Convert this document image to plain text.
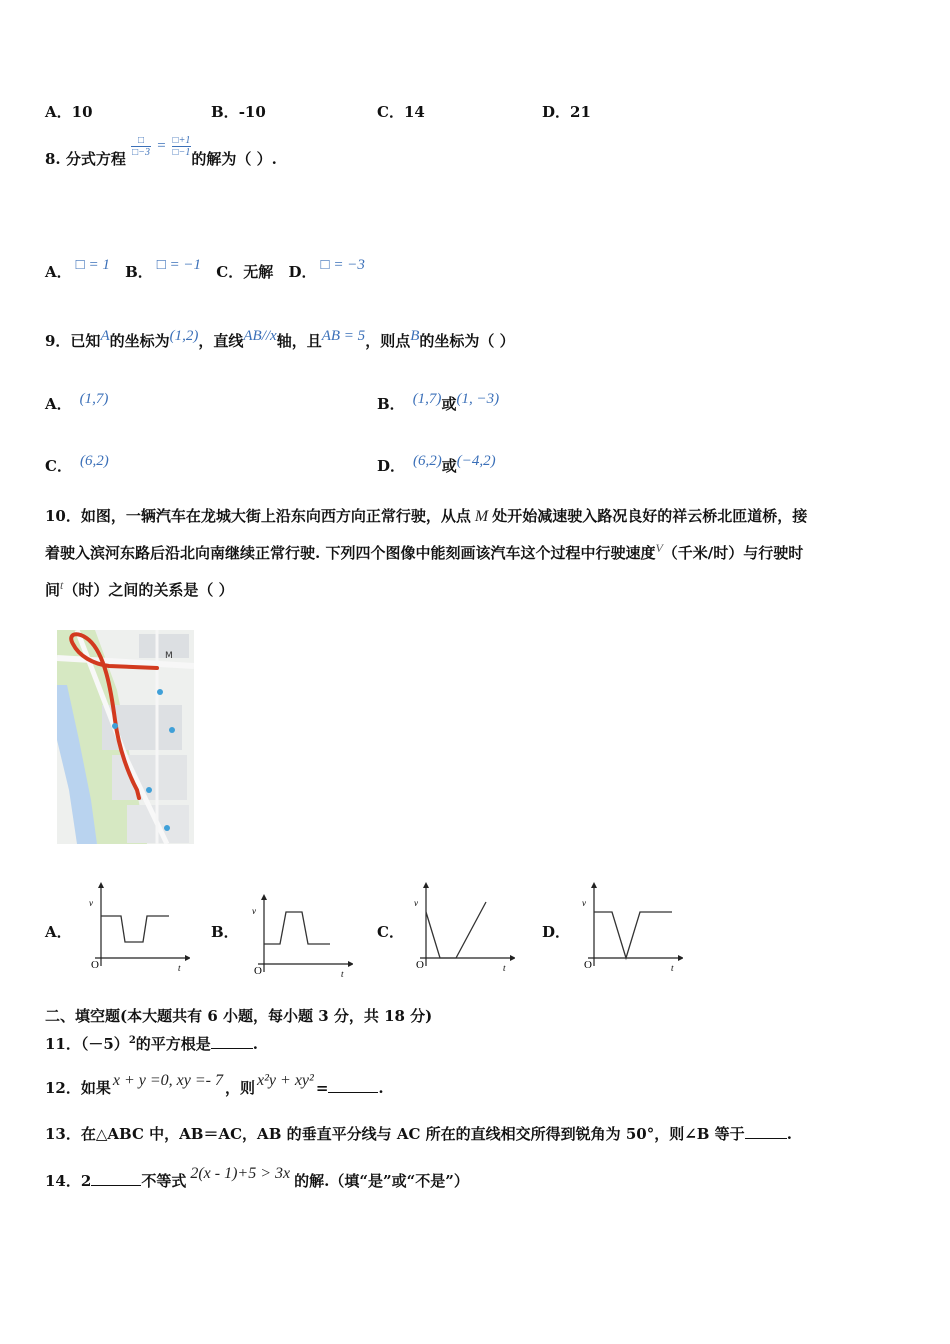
A．10	B．-10	C．14	D．21
8. 分式方程
$\frac{□}{□-3} = \frac{□+1}{□-1}$
的解为（ ）.
A． □ = 1 B． □ = −1 C．无解 D． □ = −3
9．已知A的坐标为(1,2)，直线AB//x轴，且AB = 5，则点B的坐标为（ ）
A． (1,7)	B． (1,7)或(1, −3)
C． (6,2)	D． (6,2)或(−4,2)
10．如图，一辆汽车在龙城大街上沿东向西方向正常行驶，从点 M 处开始减速驶入路况良好的祥云桥北匝道桥，接
着驶入滨河东路后沿北向南继续正常行驶. 下列四个图像中能刻画该汽车这个过程中行驶速度$^V$（千米/时）与行驶时
间$^t$（时）之间的关系是（ ）
M
A．
v
O	t
B．
v
O	t
C．
v
O	t
D．
v
O	t
二、填空题(本大题共有 6 小题，每小题 3 分，共 18 分)
11．$(-5)^2$的平方根是	.
12．如果 x + y =0, xy =- 7 ，则 x²y + xy² =	.
13．在△ABC 中，AB＝AC，AB 的垂直平分线与 AC 所在的直线相交所得到锐角为 50°，则∠B 等于	.
14．2	不等式 2(x - 1)+5 > 3x 的解.（填“是”或“不是”）
